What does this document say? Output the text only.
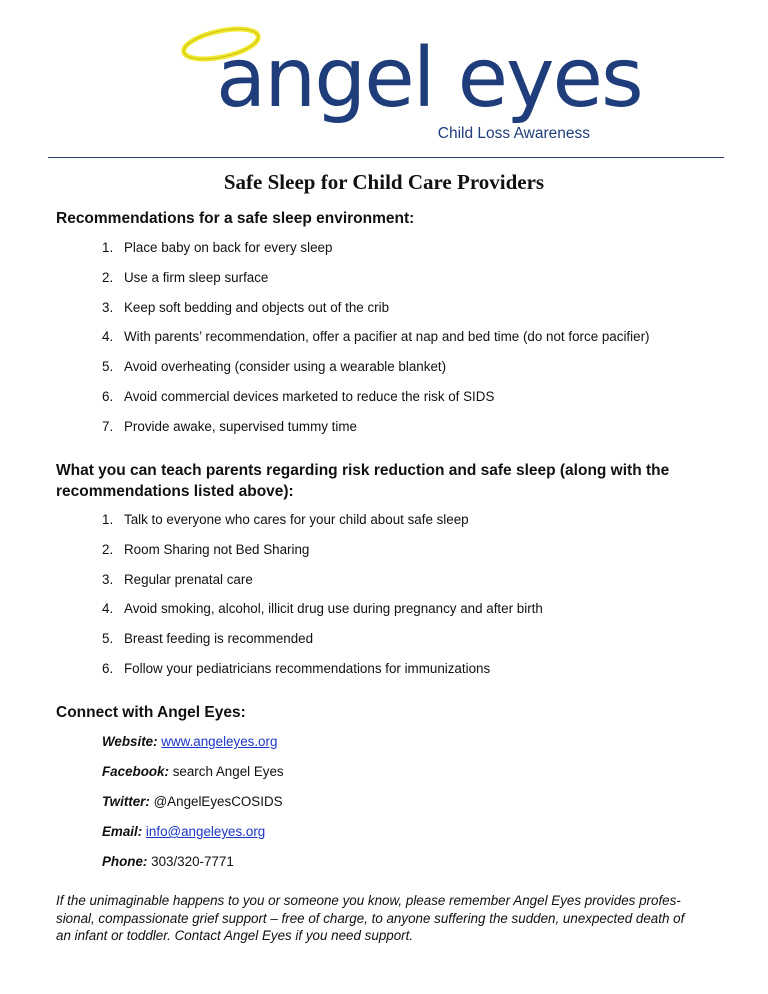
angel eyes
Child Loss Awareness
Safe Sleep for Child Care Providers
Recommendations for a safe sleep environment:
1. Place baby on back for every sleep
2. Use a firm sleep surface
3. Keep soft bedding and objects out of the crib
4. With parents’ recommendation, offer a pacifier at nap and bed time (do not force pacifier)
5. Avoid overheating (consider using a wearable blanket)
6. Avoid commercial devices marketed to reduce the risk of SIDS
7. Provide awake, supervised tummy time
What you can teach parents regarding risk reduction and safe sleep (along with the
recommendations listed above):
1. Talk to everyone who cares for your child about safe sleep
2. Room Sharing not Bed Sharing
3. Regular prenatal care
4. Avoid smoking, alcohol, illicit drug use during pregnancy and after birth
5. Breast feeding is recommended
6. Follow your pediatricians recommendations for immunizations
Connect with Angel Eyes:
Website: www.angeleyes.org
Facebook: search Angel Eyes
Twitter: @AngelEyesCOSIDS
Email: info@angeleyes.org
Phone: 303/320-7771
If the unimaginable happens to you or someone you know, please remember Angel Eyes provides profes-
sional, compassionate grief support – free of charge, to anyone suffering the sudden, unexpected death of
an infant or toddler. Contact Angel Eyes if you need support.
